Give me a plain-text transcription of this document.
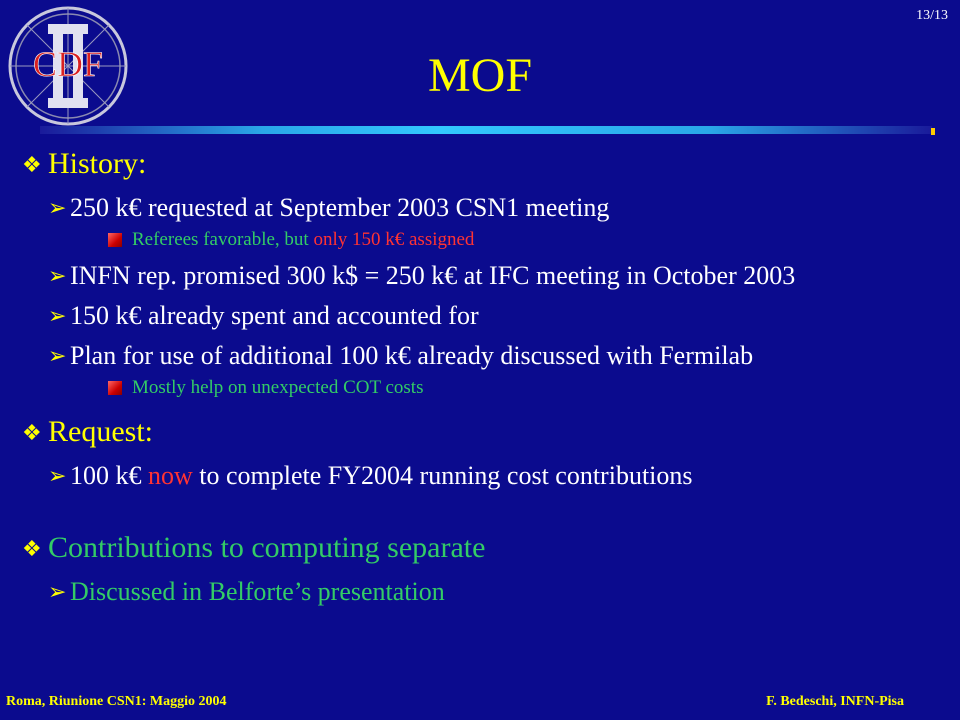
CDF
13/13
MOF
❖ History:
➢ 250 k€ requested at September 2003 CSN1 meeting
Referees favorable, but only 150 k€ assigned
➢ INFN rep. promised 300 k$ = 250 k€ at IFC meeting in October 2003
➢ 150 k€ already spent and accounted for
➢ Plan for use of additional 100 k€ already discussed with Fermilab
Mostly help on unexpected COT costs
❖ Request:
➢ 100 k€ now to complete FY2004 running cost contributions
❖ Contributions to computing separate
➢ Discussed in Belforte’s presentation
Roma, Riunione CSN1: Maggio 2004	F. Bedeschi, INFN-Pisa
